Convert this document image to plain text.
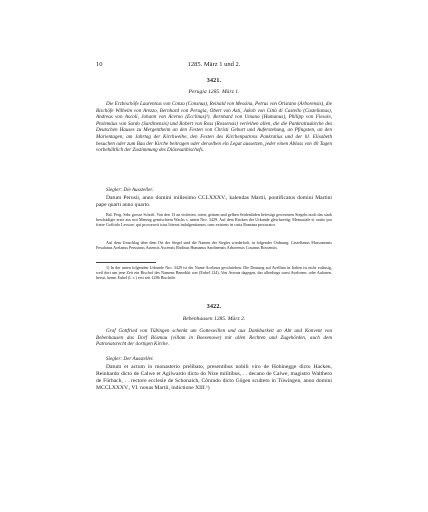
10	1285. März 1 und 2.
3421.
Perugia 1285. März 1.

Die Erzbischöfe Laurentius von Conza (Consnus), Reinald von Messina, Petrus von Oristano (Arborensis), die Bischöfe Wilhelm von Arezzo, Bernhard von Perugia, Obert von Asti, Jakob von Città di Castello (Castellanus), Andreas von Ascoli, Johann von Acerno (Ecclinus)¹). Bernhard von Umana (Humanus), Philipp von Fiesole, Ptolemäus von Sardo (Sardinensis) und Robert von Ross (Rossensis) verleihen allen, die die Pankratiuskirche des Deutschen Hauses zu Mergentheim an den Festen von Christi Geburt und Auferstehung, an Pfingsten, an den Marientagen, am Jahrtag der Kirchweihe, den Festen des Kirchenpatrons Pankratius und der hl. Elisabeth besuchen oder zum Bau der Kirche beitragen oder derselben ein Legat aussetzen, jeder einen Ablass von 40 Tagen vorbehältlich der Zustimmung des Diözesanbischofs.

Siegler: Die Aussteller.

Datum Perusii, anno domini millesimo CCLXXXV., kalendas Martii, pontificatus domini Martini pape quarti anno quarto.

Bal. Perg. Sehr grosse Schrift. Von den 13 an violetten, roten, grünen und gelben Seidenfäden befestigt gewesenen Siegeln noch das stark beschädigte erste aus mit Mennig gemischtem Wachs s. unten Nro. 3429. Auf dem Rücken der Urkunde gleichzeitig: Memoriale et oratio pro fratre Goffrido Lessore, qui procuravit istas litteras indulgentiarum, tunc existens in curia Romana procurator.

Auf dem Umschlag über dem Ort der Siegel sind die Namen der Siegler wiederholt, in folgender Ordnung: Castellanus Massanensis Fesulanus Arelanus Perusinus Astensis Ascensis Ebdinus Humanus Sardinensis Arborensis Cosanus Rossensis.

1) In der unten folgenden Urkunde Nro. 3429 ist der Name Acelinus geschrieben. Die Deutung auf Avellino in Italien ist nicht zulässig, weil dort um jene Zeit ein Bischof des Namens Benedikt war (Eubel 124). Von Avrona dagegen, das allerdings sonst Avelonen. oder Aulonen. heisst, kennt Eubel (l. c.) erst seit 1286 Bischöfe.

3422.
Bebenhausen 1285. März 2.

Graf Gottfried von Tübingen schenkt um Gotteswillen und aus Dankbarkeit an Abt und Konvent von Bebenhausen das Dorf Bösmau (villam in Boesenowe) mit allen Rechten und Zugehörden, auch dem Patronatsrecht der dortigen Kirche.

Siegler: Der Aussteller.

Datum et actum in monasterio prelibato, presentibus nobili viro de Hohinegge dicto Hacken, Reinhardo dicto de Calwe et Agilwardo dicto do Nize militibus, . . decano de Calwe, magistro Walthero de Fürbach, . . rectore ecclesie de Schonaich, Cônrado dicto Gögen sculteto in Tüwingen, anno domini MCCLXXXV., VI. nonas Martii, indictione XIII.¹)
